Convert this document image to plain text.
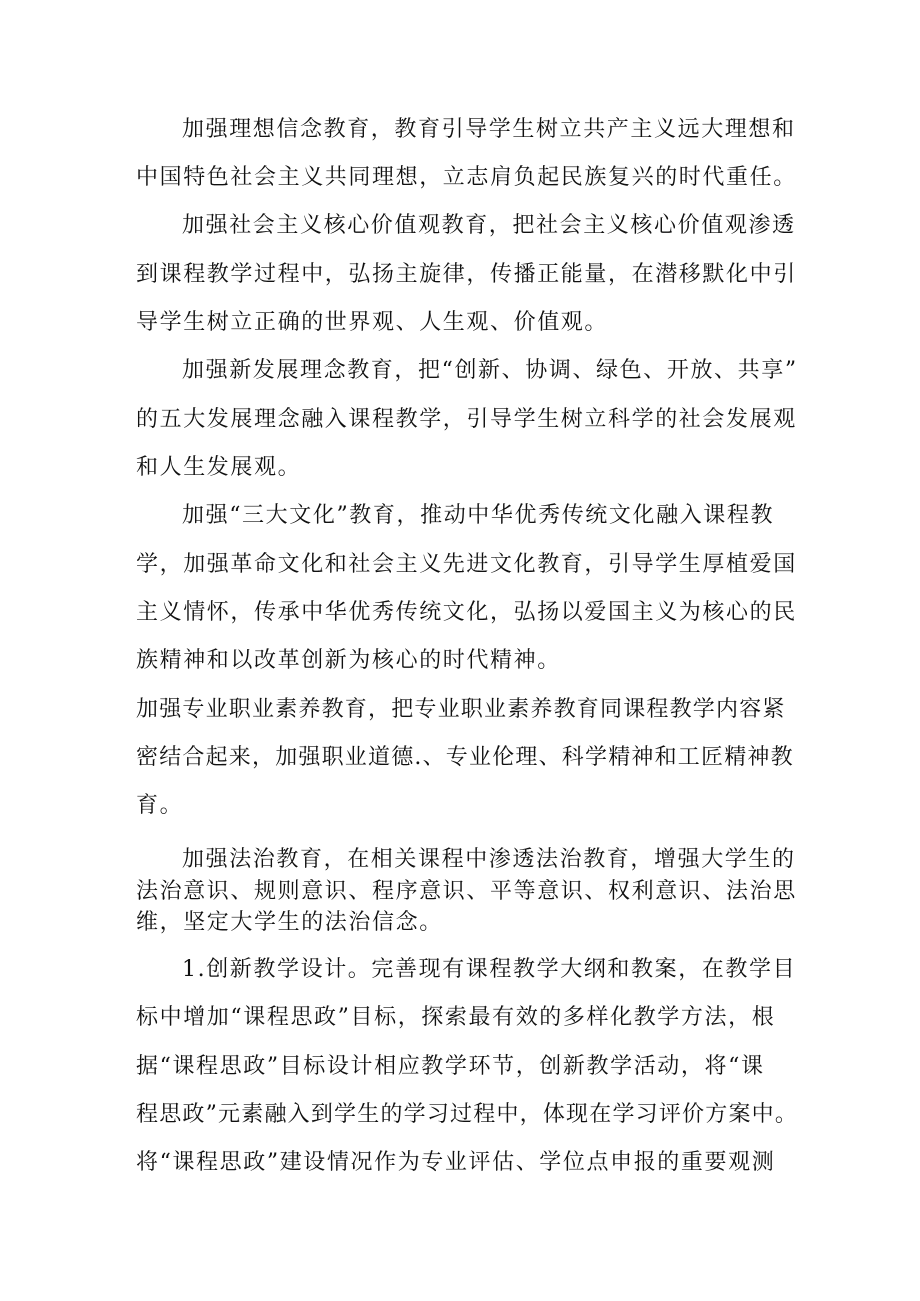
加强理想信念教育，教育引导学生树立共产主义远大理想和
中国特色社会主义共同理想，立志肩负起民族复兴的时代重任。
加强社会主义核心价值观教育，把社会主义核心价值观渗透
到课程教学过程中，弘扬主旋律，传播正能量，在潜移默化中引
导学生树立正确的世界观、人生观、价值观。
加强新发展理念教育，把“创新、协调、绿色、开放、共享”
的五大发展理念融入课程教学，引导学生树立科学的社会发展观
和人生发展观。
加强“三大文化”教育，推动中华优秀传统文化融入课程教
学，加强革命文化和社会主义先进文化教育，引导学生厚植爱国
主义情怀，传承中华优秀传统文化，弘扬以爱国主义为核心的民
族精神和以改革创新为核心的时代精神。
加强专业职业素养教育，把专业职业素养教育同课程教学内容紧
密结合起来，加强职业道德.、专业伦理、科学精神和工匠精神教
育。
加强法治教育，在相关课程中渗透法治教育，增强大学生的
法治意识、规则意识、程序意识、平等意识、权利意识、法治思
维，坚定大学生的法治信念。
1.创新教学设计。完善现有课程教学大纲和教案，在教学目
标中增加“课程思政”目标，探索最有效的多样化教学方法，根
据“课程思政”目标设计相应教学环节，创新教学活动，将“课
程思政”元素融入到学生的学习过程中，体现在学习评价方案中。
将“课程思政”建设情况作为专业评估、学位点申报的重要观测
